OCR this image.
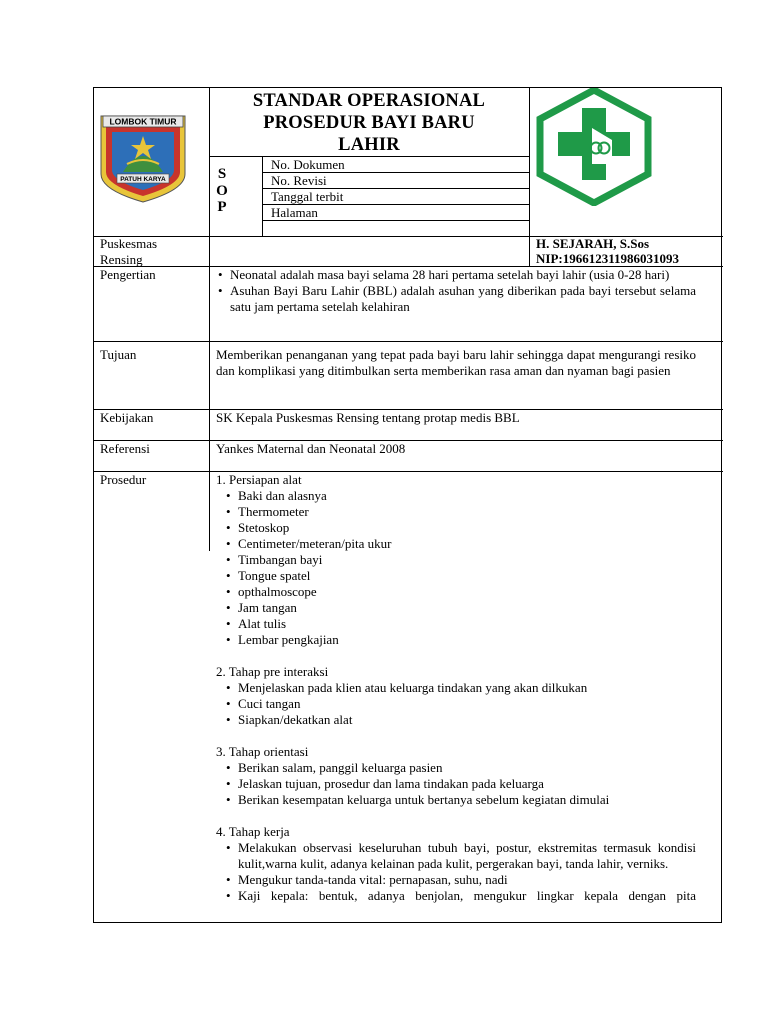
LOMBOK TIMUR
PATUH KARYA
STANDAR OPERASIONAL
PROSEDUR BAYI BARU
LAHIR
S
O
P
No. Dokumen
No. Revisi
Tanggal terbit
Halaman
Puskesmas Rensing
H. SEJARAH, S.Sos
NIP:196612311986031093
Pengertian
•	Neonatal adalah masa bayi selama 28 hari pertama setelah bayi lahir (usia 0-28 hari)
• Asuhan Bayi Baru Lahir (BBL) adalah asuhan yang diberikan pada bayi tersebut selama satu jam pertama setelah kelahiran
Tujuan	Memberikan penanganan yang tepat pada bayi baru lahir sehingga dapat mengurangi resiko dan komplikasi yang ditimbulkan serta memberikan rasa aman dan nyaman bagi pasien
Kebijakan	SK Kepala Puskesmas Rensing tentang protap medis BBL
Referensi	Yankes Maternal dan Neonatal 2008
Prosedur	1. Persiapan alat
• Baki dan alasnya
• Thermometer
• Stetoskop
• Centimeter/meteran/pita ukur
• Timbangan bayi
• Tongue spatel
• opthalmoscope
• Jam tangan
• Alat tulis
• Lembar pengkajian
2. Tahap pre interaksi
• Menjelaskan pada klien atau keluarga tindakan yang akan dilkukan
• Cuci tangan
• Siapkan/dekatkan alat
3. Tahap orientasi
• Berikan salam, panggil keluarga pasien
• Jelaskan tujuan, prosedur dan lama tindakan pada keluarga
• Berikan kesempatan keluarga untuk bertanya sebelum kegiatan dimulai
4. Tahap kerja
• Melakukan observasi keseluruhan tubuh bayi, postur, ekstremitas termasuk kondisi kulit,warna kulit, adanya kelainan pada kulit, pergerakan bayi, tanda lahir, verniks.
• Mengukur tanda-tanda vital: pernapasan, suhu, nadi
• Kaji kepala: bentuk, adanya benjolan, mengukur lingkar kepala dengan pita
